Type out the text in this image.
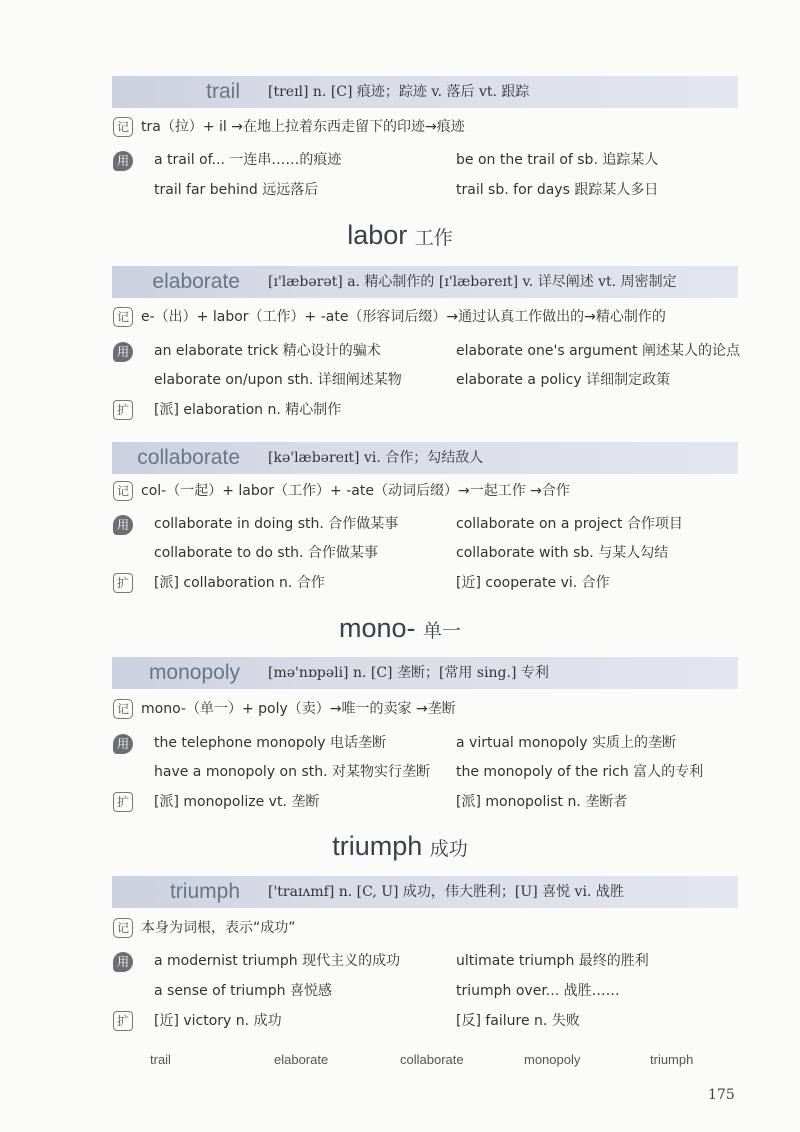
trail [treɪl] n. [C] 痕迹；踪迹 v. 落后 vt. 跟踪
记 tra（拉）+ il →在地上拉着东西走留下的印迹→痕迹
用 a trail of... 一连串……的痕迹	be on the trail of sb. 追踪某人
trail far behind 远远落后	trail sb. for days 跟踪某人多日
labor 工作
elaborate [ɪ'læbərət] a. 精心制作的 [ɪ'læbəreɪt] v. 详尽阐述 vt. 周密制定
记 e-（出）+ labor（工作）+ -ate（形容词后缀）→通过认真工作做出的→精心制作的
用 an elaborate trick 精心设计的骗术	elaborate one's argument 阐述某人的论点
elaborate on/upon sth. 详细阐述某物	elaborate a policy 详细制定政策
扩 [派] elaboration n. 精心制作
collaborate [kə'læbəreɪt] vi. 合作；勾结敌人
记 col-（一起）+ labor（工作）+ -ate（动词后缀）→一起工作 →合作
用 collaborate in doing sth. 合作做某事	collaborate on a project 合作项目
collaborate to do sth. 合作做某事	collaborate with sb. 与某人勾结
扩 [派] collaboration n. 合作	[近] cooperate vi. 合作
mono- 单一
monopoly [mə'nɒpəli] n. [C] 垄断；[常用 sing.] 专利
记 mono-（单一）+ poly（卖）→唯一的卖家 →垄断
用 the telephone monopoly 电话垄断	a virtual monopoly 实质上的垄断
have a monopoly on sth. 对某物实行垄断 the monopoly of the rich 富人的专利
扩 [派] monopolize vt. 垄断	[派] monopolist n. 垄断者
triumph 成功
triumph ['traɪʌmf] n. [C, U] 成功，伟大胜利；[U] 喜悦 vi. 战胜
记 本身为词根，表示“成功”
用 a modernist triumph 现代主义的成功	ultimate triumph 最终的胜利
a sense of triumph 喜悦感	triumph over... 战胜……
扩 [近] victory n. 成功	[反] failure n. 失败
trail	elaborate	collaborate	monopoly	triumph
175
